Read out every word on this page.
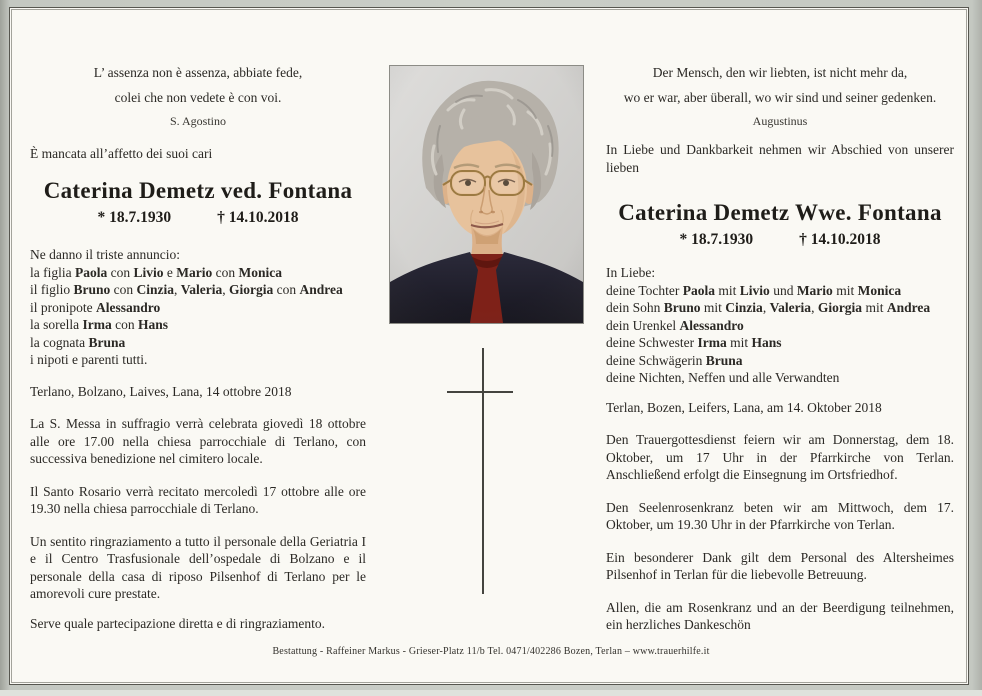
L’ assenza non è assenza, abbiate fede,
colei che non vedete è con voi.
S. Agostino
È mancata all’affetto dei suoi cari
Caterina Demetz ved. Fontana
* 18.7.1930	† 14.10.2018
Ne danno il triste annuncio:
la figlia Paola con Livio e Mario con Monica
il figlio Bruno con Cinzia, Valeria, Giorgia con Andrea
il pronipote Alessandro
la sorella Irma con Hans
la cognata Bruna
i nipoti e parenti tutti.
Terlano, Bolzano, Laives, Lana, 14 ottobre 2018

La S. Messa in suffragio verrà celebrata giovedì 18 ottobre alle ore 17.00 nella chiesa parrocchiale di Terlano, con successiva benedizione nel cimitero locale.

Il Santo Rosario verrà recitato mercoledì 17 ottobre alle ore 19.30 nella chiesa parrocchiale di Terlano.

Un sentito ringraziamento a tutto il personale della Geriatria I e il Centro Trasfusionale dell’ospedale di Bolzano e il personale della casa di riposo Pilsenhof di Terlano per le amorevoli cure prestate.

Serve quale partecipazione diretta e di ringraziamento.

Der Mensch, den wir liebten, ist nicht mehr da,
wo er war, aber überall, wo wir sind und seiner gedenken.
Augustinus
In Liebe und Dankbarkeit nehmen wir Abschied von unserer lieben
Caterina Demetz Wwe. Fontana
* 18.7.1930	† 14.10.2018
In Liebe:
deine Tochter Paola mit Livio und Mario mit Monica
dein Sohn Bruno mit Cinzia, Valeria, Giorgia mit Andrea
dein Urenkel Alessandro
deine Schwester Irma mit Hans
deine Schwägerin Bruna
deine Nichten, Neffen und alle Verwandten
Terlan, Bozen, Leifers, Lana, am 14. Oktober 2018

Den Trauergottesdienst feiern wir am Donnerstag, dem 18. Oktober, um 17 Uhr in der Pfarrkirche von Terlan. Anschließend erfolgt die Einsegnung im Ortsfriedhof.

Den Seelenrosenkranz beten wir am Mittwoch, dem 17. Oktober, um 19.30 Uhr in der Pfarrkirche von Terlan.

Ein besonderer Dank gilt dem Personal des Altersheimes Pilsenhof in Terlan für die liebevolle Betreuung.

Allen, die am Rosenkranz und an der Beerdigung teilnehmen, ein herzliches Dankeschön

Bestattung - Raffeiner Markus - Grieser-Platz 11/b Tel. 0471/402286 Bozen, Terlan – www.trauerhilfe.it
